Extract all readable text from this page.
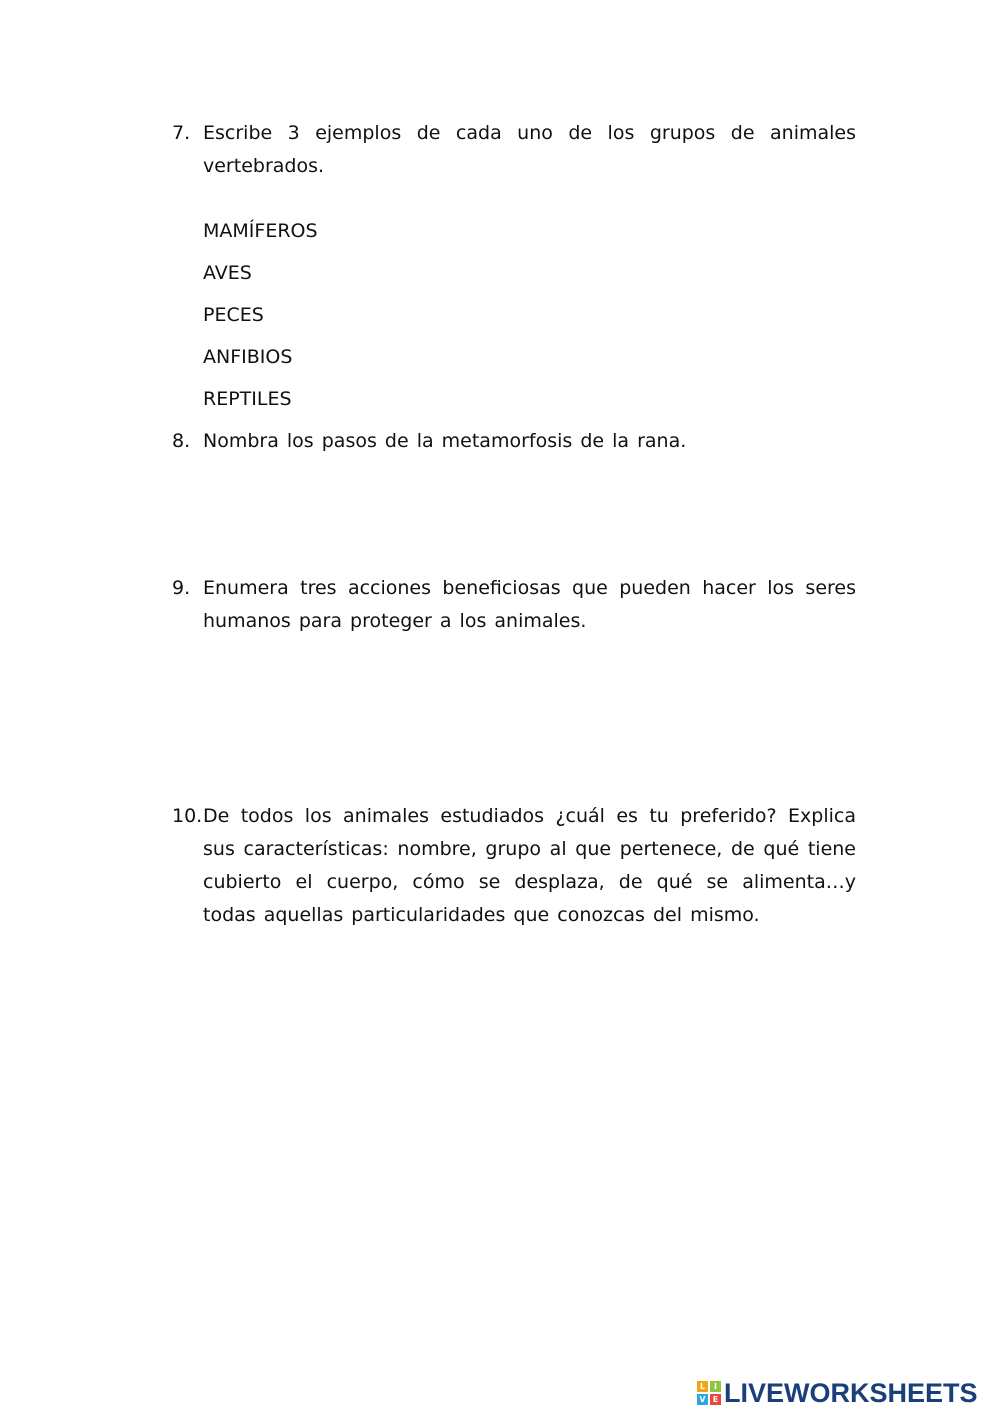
7. Escribe 3 ejemplos de cada uno de los grupos de animales vertebrados.
MAMÍFEROS
AVES
PECES
ANFIBIOS
REPTILES
8. Nombra los pasos de la metamorfosis de la rana.
9. Enumera tres acciones beneficiosas que pueden hacer los seres humanos para proteger a los animales.
10. De todos los animales estudiados ¿cuál es tu preferido? Explica sus características: nombre, grupo al que pertenece, de qué tiene cubierto el cuerpo, cómo se desplaza, de qué se alimenta…y todas aquellas particularidades que conozcas del mismo.
L	I
V E LIVEWORKSHEETS
